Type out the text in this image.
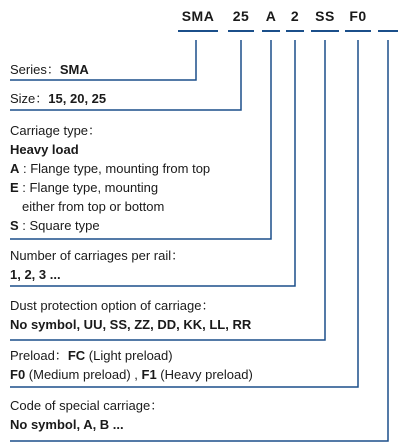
SMA	25	A	2	SS	F0
Series：SMA
Size：15, 20, 25
Carriage type：
Heavy load
A : Flange type, mounting from top
E : Flange type, mounting
either from top or bottom
S : Square type
Number of carriages per rail：
1, 2, 3 ...
Dust protection option of carriage：
No symbol, UU, SS, ZZ, DD, KK, LL, RR
Preload：FC (Light preload)
F0 (Medium preload) , F1 (Heavy preload)
Code of special carriage：
No symbol, A, B ...
